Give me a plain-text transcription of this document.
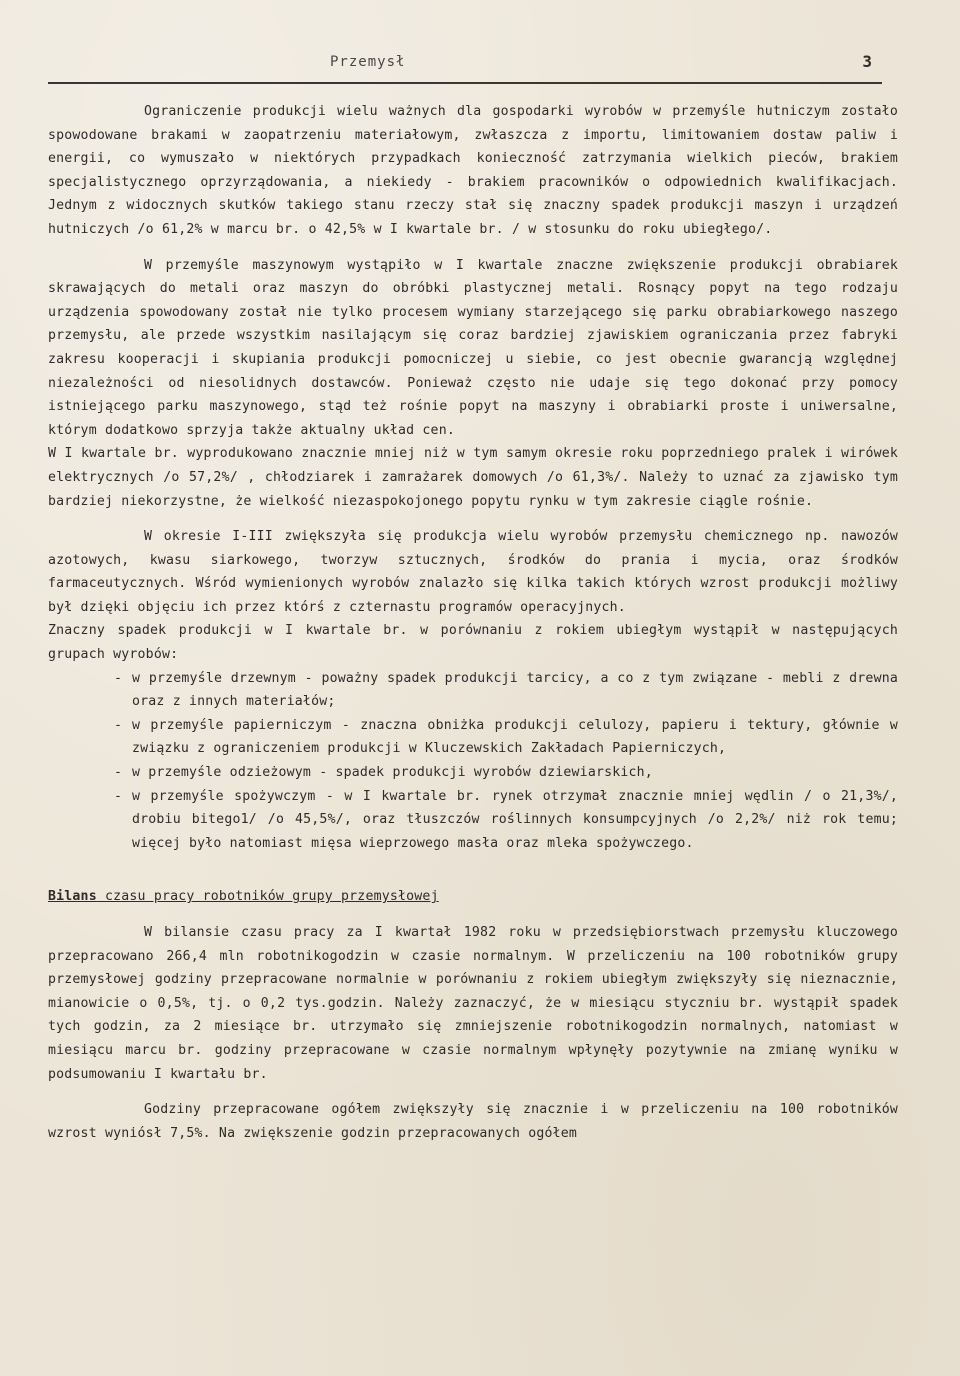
Przemysł	3

Ograniczenie produkcji wielu ważnych dla gospodarki wyrobów w przemyśle hutniczym zostało spowodowane brakami w zaopatrzeniu materiałowym, zwłaszcza z importu, limitowaniem dostaw paliw i energii, co wymuszało w niektórych przypadkach konieczność zatrzymania wielkich pieców, brakiem specjalistycznego oprzyrządowania, a niekiedy - brakiem pracowników o odpowiednich kwalifikacjach. Jednym z widocznych skutków takiego stanu rzeczy stał się znaczny spadek produkcji maszyn i urządzeń hutniczych /o 61,2% w marcu br. o 42,5% w I kwartale br. / w stosunku do roku ubiegłego/.

W przemyśle maszynowym wystąpiło w I kwartale znaczne zwiększenie produkcji obrabiarek skrawających do metali oraz maszyn do obróbki plastycznej metali. Rosnący popyt na tego rodzaju urządzenia spowodowany został nie tylko procesem wymiany starzejącego się parku obrabiarkowego naszego przemysłu, ale przede wszystkim nasilającym się coraz bardziej zjawiskiem ograniczania przez fabryki zakresu kooperacji i skupiania produkcji pomocniczej u siebie, co jest obecnie gwarancją względnej niezależności od niesolidnych dostawców. Ponieważ często nie udaje się tego dokonać przy pomocy istniejącego parku maszynowego, stąd też rośnie popyt na maszyny i obrabiarki proste i uniwersalne, którym dodatkowo sprzyja także aktualny układ cen.

W I kwartale br. wyprodukowano znacznie mniej niż w tym samym okresie roku poprzedniego pralek i wirówek elektrycznych /o 57,2%/ , chłodziarek i zamrażarek domowych /o 61,3%/. Należy to uznać za zjawisko tym bardziej niekorzystne, że wielkość niezaspokojonego popytu rynku w tym zakresie ciągle rośnie.

W okresie I-III zwiększyła się produkcja wielu wyrobów przemysłu chemicznego np. nawozów azotowych, kwasu siarkowego, tworzyw sztucznych, środków do prania i mycia, oraz środków farmaceutycznych. Wśród wymienionych wyrobów znalazło się kilka takich których wzrost produkcji możliwy był dzięki objęciu ich przez którś z czternastu programów operacyjnych.

Znaczny spadek produkcji w I kwartale br. w porównaniu z rokiem ubiegłym wystąpił w następujących grupach wyrobów:

- w przemyśle drzewnym - poważny spadek produkcji tarcicy, a co z tym związane - mebli z drewna oraz z innych materiałów;
- w przemyśle papierniczym - znaczna obniżka produkcji celulozy, papieru i tektury, głównie w związku z ograniczeniem produkcji w Kluczewskich Zakładach Papierniczych,
- w przemyśle odzieżowym - spadek produkcji wyrobów dziewiarskich,
- w przemyśle spożywczym - w I kwartale br. rynek otrzymał znacznie mniej wędlin / o 21,3%/, drobiu bitego1/ /o 45,5%/, oraz tłuszczów roślinnych konsumpcyjnych /o 2,2%/ niż rok temu; więcej było natomiast mięsa wieprzowego masła oraz mleka spożywczego.
Bilans czasu pracy robotników grupy przemysłowej

W bilansie czasu pracy za I kwartał 1982 roku w przedsiębiorstwach przemysłu kluczowego przepracowano 266,4 mln robotnikogodzin w czasie normalnym. W przeliczeniu na 100 robotników grupy przemysłowej godziny przepracowane normalnie w porównaniu z rokiem ubiegłym zwiększyły się nieznacznie, mianowicie o 0,5%, tj. o 0,2 tys.godzin. Należy zaznaczyć, że w miesiącu styczniu br. wystąpił spadek tych godzin, za 2 miesiące br. utrzymało się zmniejszenie robotnikogodzin normalnych, natomiast w miesiącu marcu br. godziny przepracowane w czasie normalnym wpłynęły pozytywnie na zmianę wyniku w podsumowaniu I kwartału br.

Godziny przepracowane ogółem zwiększyły się znacznie i w przeliczeniu na 100 robotników wzrost wyniósł 7,5%. Na zwiększenie godzin przepracowanych ogółem
